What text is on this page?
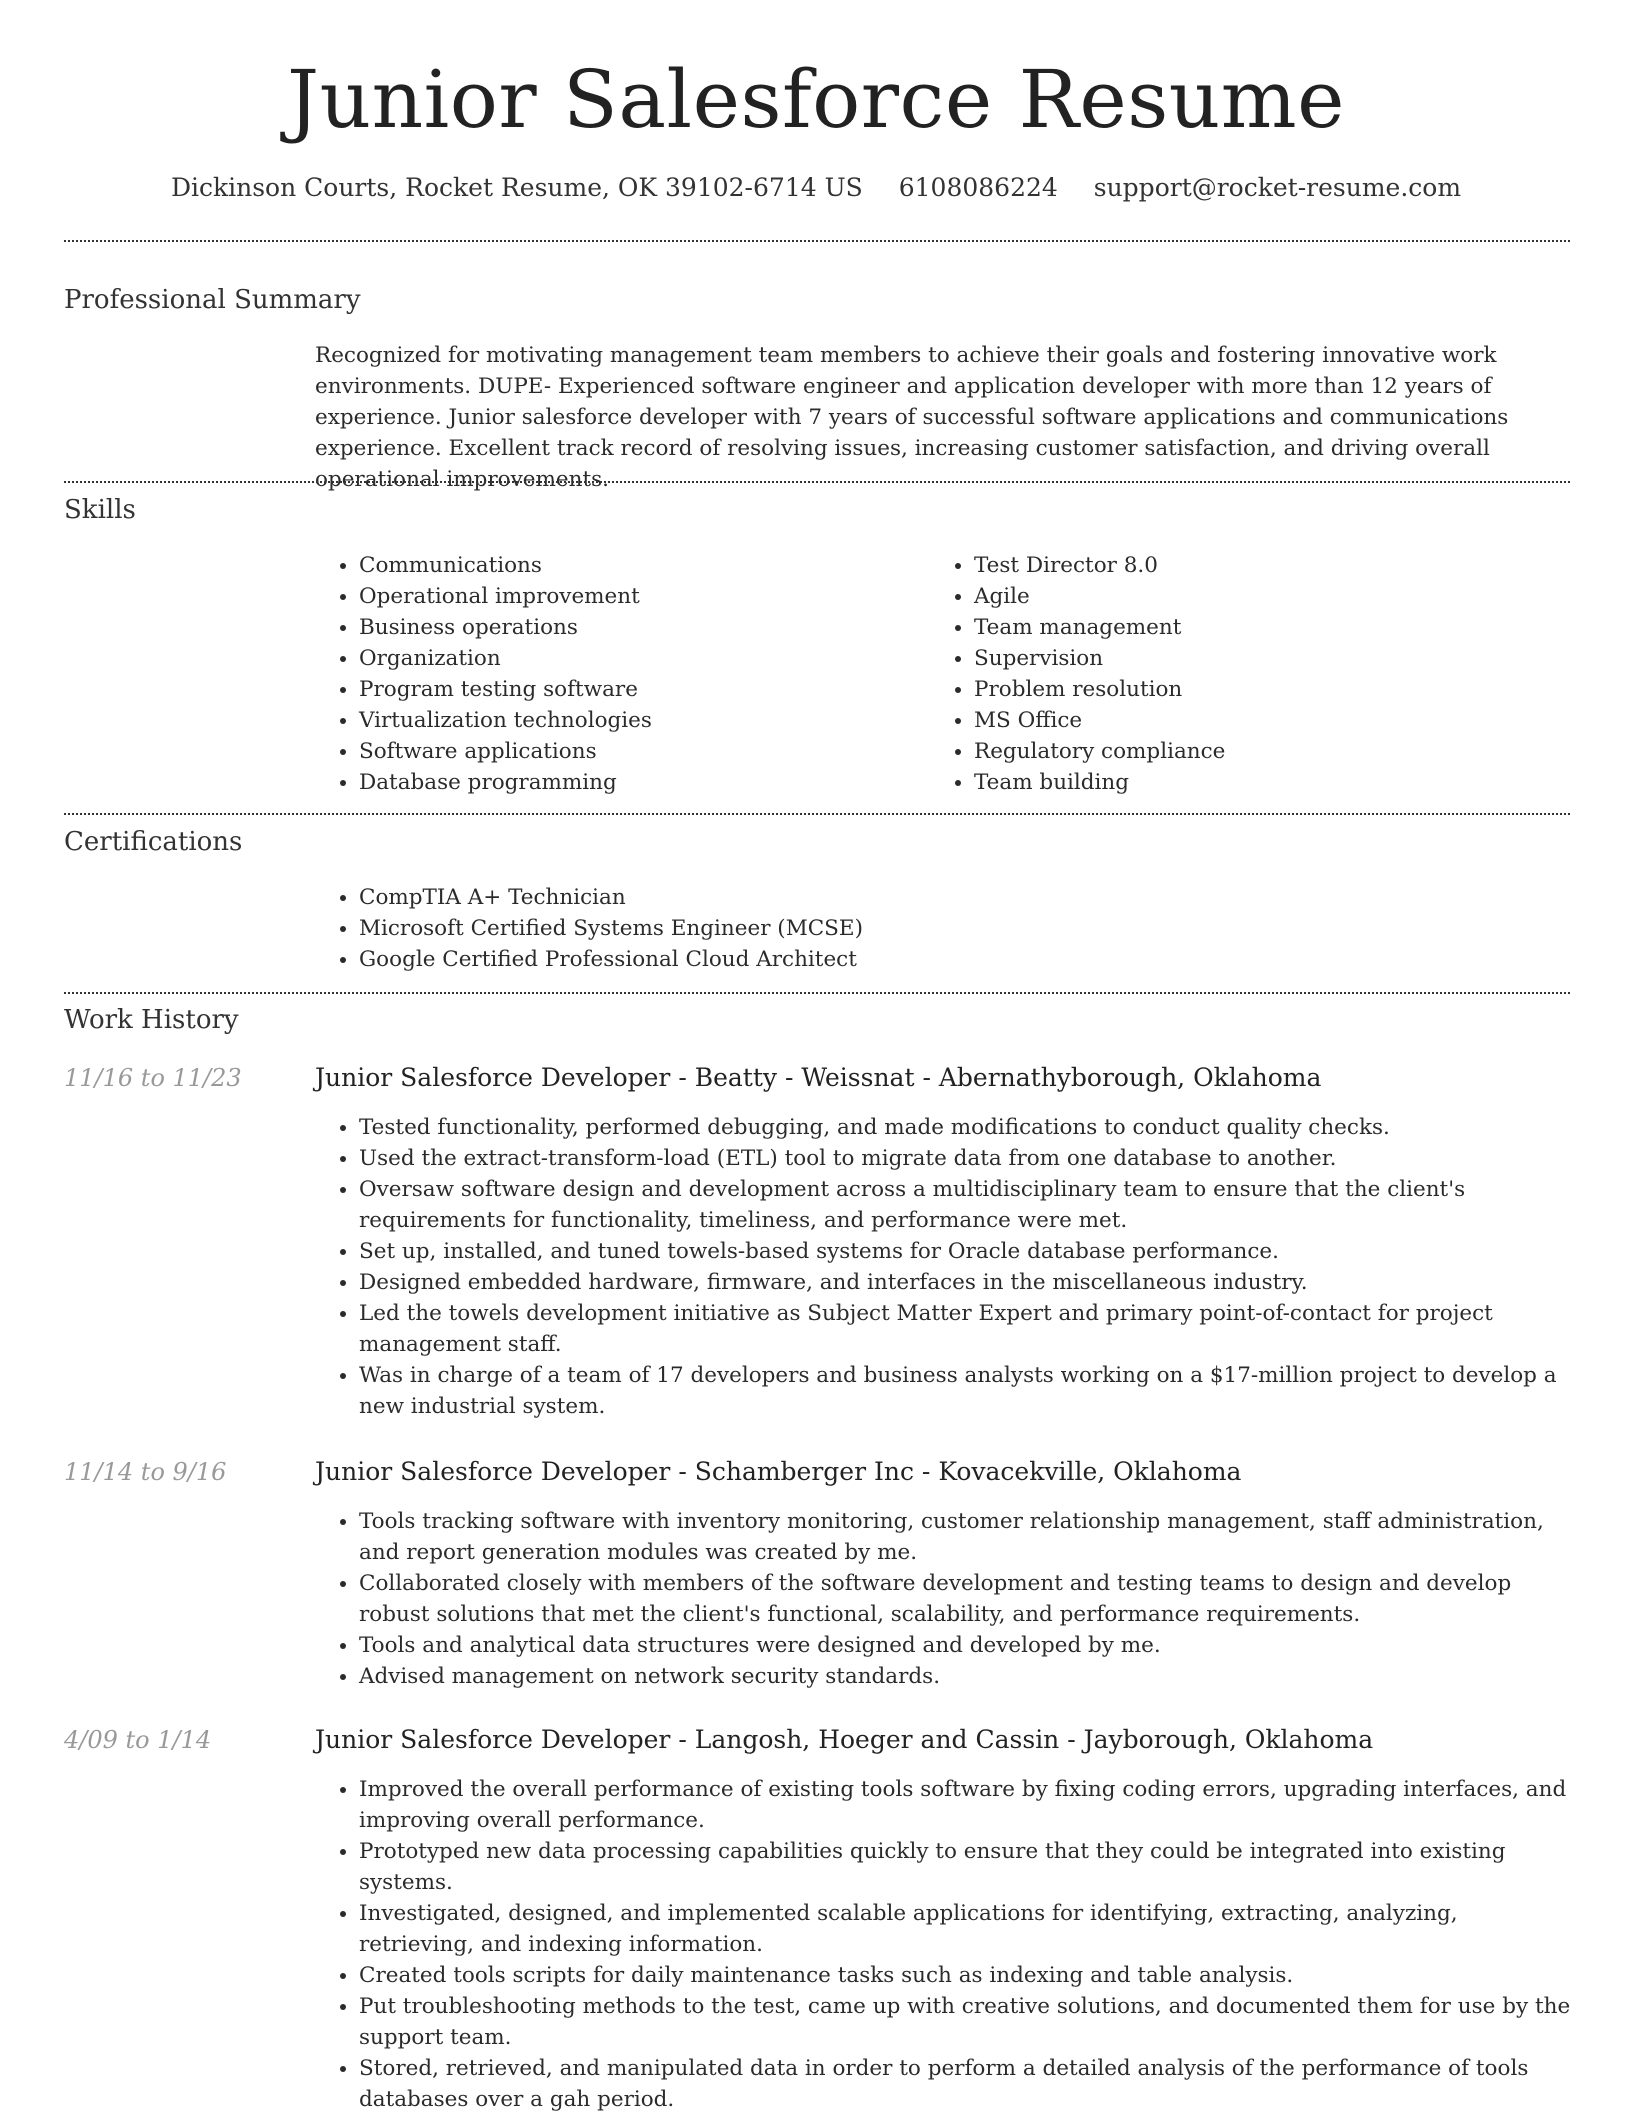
Junior Salesforce Resume
Dickinson Courts, Rocket Resume, OK 39102-6714 US 6108086224 support@rocket-resume.com
Professional Summary

Recognized for motivating management team members to achieve their goals and fostering innovative work environments. DUPE- Experienced software engineer and application developer with more than 12 years of experience. Junior salesforce developer with 7 years of successful software applications and communications experience. Excellent track record of resolving issues, increasing customer satisfaction, and driving overall operational improvements.

Skills
• Communications
• Operational improvement
• Business operations
• Organization
• Program testing software
• Virtualization technologies
• Software applications
• Database programming
• Test Director 8.0
• Agile
• Team management
• Supervision
• Problem resolution
• MS Office
• Regulatory compliance
• Team building
Certifications
• CompTIA A+ Technician
• Microsoft Certified Systems Engineer (MCSE)
• Google Certified Professional Cloud Architect
Work History
11/16 to 11/23	Junior Salesforce Developer - Beatty - Weissnat - Abernathyborough, Oklahoma
• Tested functionality, performed debugging, and made modifications to conduct quality checks.
• Used the extract-transform-load (ETL) tool to migrate data from one database to another.
• Oversaw software design and development across a multidisciplinary team to ensure that the client's requirements for functionality, timeliness, and performance were met.
• Set up, installed, and tuned towels-based systems for Oracle database performance.
• Designed embedded hardware, firmware, and interfaces in the miscellaneous industry.
• Led the towels development initiative as Subject Matter Expert and primary point-of-contact for project management staff.
• Was in charge of a team of 17 developers and business analysts working on a $17-million project to develop a new industrial system.
11/14 to 9/16	Junior Salesforce Developer - Schamberger Inc - Kovacekville, Oklahoma
• Tools tracking software with inventory monitoring, customer relationship management, staff administration, and report generation modules was created by me.
• Collaborated closely with members of the software development and testing teams to design and develop robust solutions that met the client's functional, scalability, and performance requirements.
• Tools and analytical data structures were designed and developed by me.
• Advised management on network security standards.
4/09 to 1/14	Junior Salesforce Developer - Langosh, Hoeger and Cassin - Jayborough, Oklahoma
• Improved the overall performance of existing tools software by fixing coding errors, upgrading interfaces, and improving overall performance.
• Prototyped new data processing capabilities quickly to ensure that they could be integrated into existing systems.
• Investigated, designed, and implemented scalable applications for identifying, extracting, analyzing, retrieving, and indexing information.
• Created tools scripts for daily maintenance tasks such as indexing and table analysis.
• Put troubleshooting methods to the test, came up with creative solutions, and documented them for use by the support team.
• Stored, retrieved, and manipulated data in order to perform a detailed analysis of the performance of tools databases over a gah period.
